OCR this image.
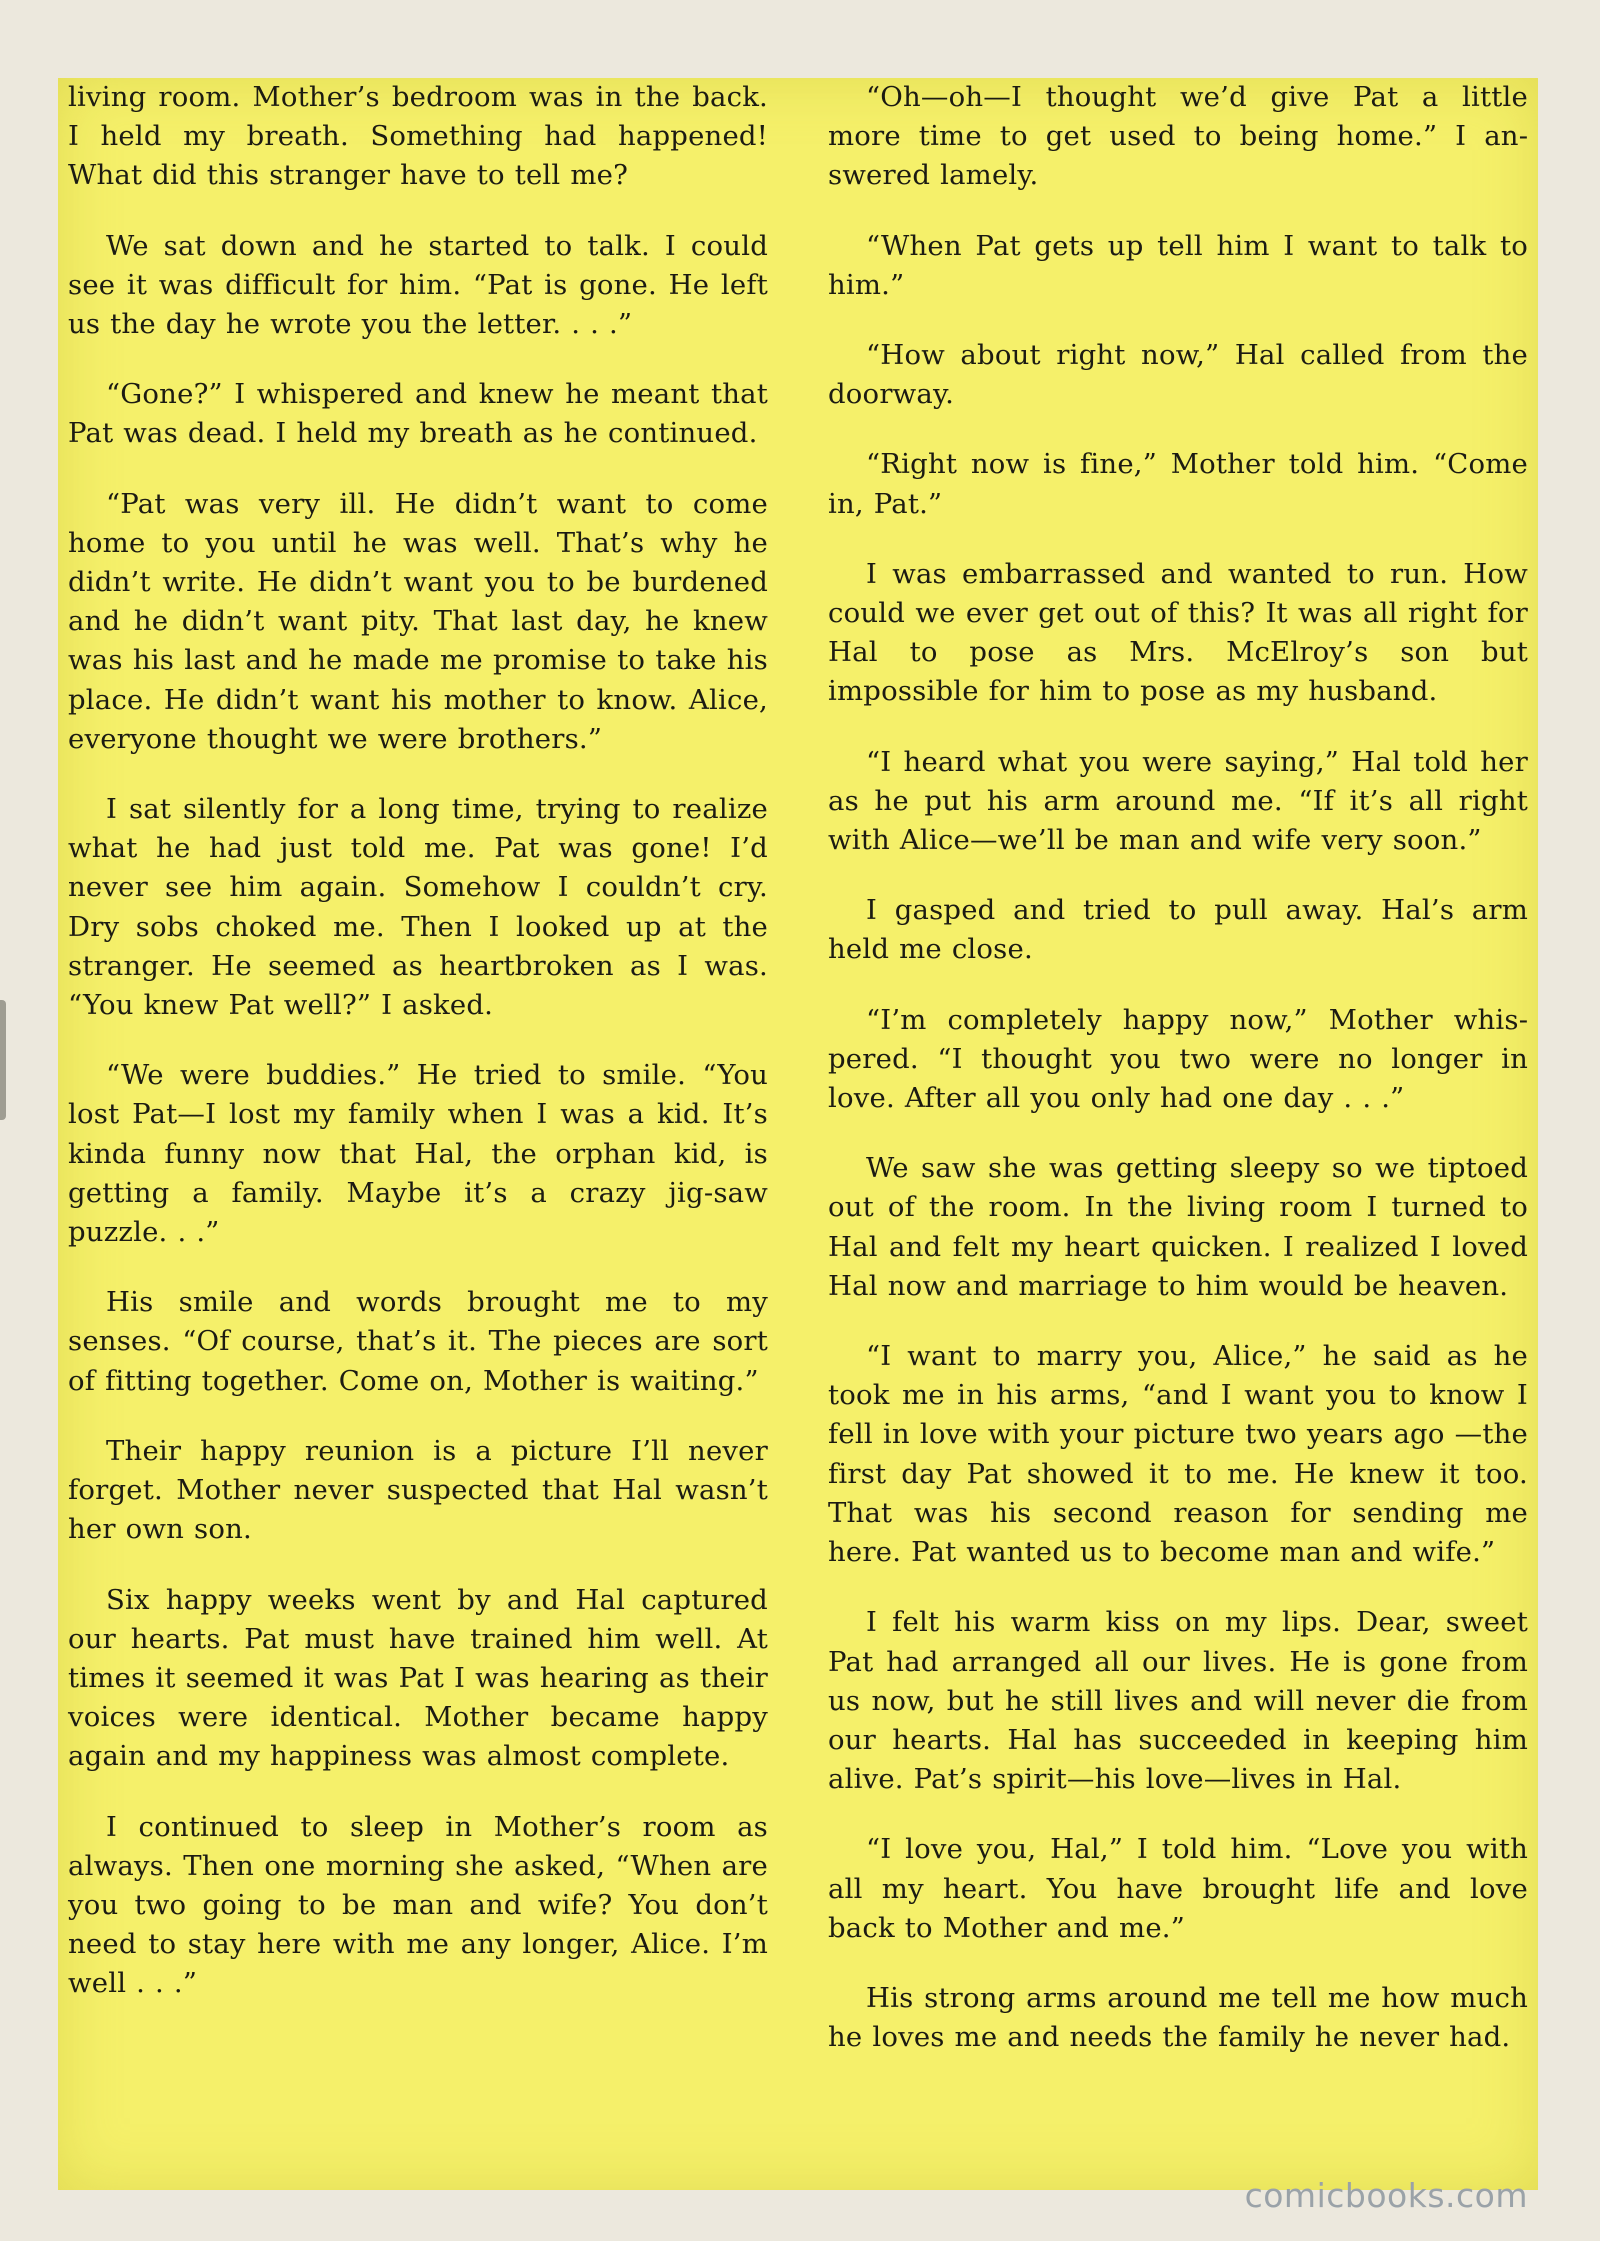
living room. Mother’s bedroom was in the back. I held my breath. Something had happened! What did this stranger have to tell me?

We sat down and he started to talk. I could see it was difficult for him. “Pat is gone. He left us the day he wrote you the letter. . . .”

“Gone?” I whispered and knew he meant that Pat was dead. I held my breath as he continued.

“Pat was very ill. He didn’t want to come home to you until he was well. That’s why he didn’t write. He didn’t want you to be burdened and he didn’t want pity. That last day, he knew was his last and he made me promise to take his place. He didn’t want his mother to know. Alice, everyone thought we were brothers.”

I sat silently for a long time, trying to realize what he had just told me. Pat was gone! I’d never see him again. Somehow I couldn’t cry. Dry sobs choked me. Then I looked up at the stranger. He seemed as heartbroken as I was. “You knew Pat well?” I asked.

“We were buddies.” He tried to smile. “You lost Pat—I lost my family when I was a kid. It’s kinda funny now that Hal, the orphan kid, is getting a family. Maybe it’s a crazy jig-saw puzzle. . .”

His smile and words brought me to my senses. “Of course, that’s it. The pieces are sort of fitting together. Come on, Mother is waiting.”

Their happy reunion is a picture I’ll never forget. Mother never suspected that Hal wasn’t her own son.

Six happy weeks went by and Hal captured our hearts. Pat must have trained him well. At times it seemed it was Pat I was hearing as their voices were identical. Mother became happy again and my happiness was almost complete.

I continued to sleep in Mother’s room as always. Then one morning she asked, “When are you two going to be man and wife? You don’t need to stay here with me any longer, Alice. I’m well . . .”

“Oh—oh—I thought we’d give Pat a little more time to get used to being home.” I answered lamely.

“When Pat gets up tell him I want to talk to him.”

“How about right now,” Hal called from the doorway.

“Right now is fine,” Mother told him. “Come in, Pat.”

I was embarrassed and wanted to run. How could we ever get out of this? It was all right for Hal to pose as Mrs. McElroy’s son but impossible for him to pose as my husband.

“I heard what you were saying,” Hal told her as he put his arm around me. “If it’s all right with Alice—we’ll be man and wife very soon.”

I gasped and tried to pull away. Hal’s arm held me close.

“I’m completely happy now,” Mother whispered. “I thought you two were no longer in love. After all you only had one day . . .”

We saw she was getting sleepy so we tiptoed out of the room. In the living room I turned to Hal and felt my heart quicken. I realized I loved Hal now and marriage to him would be heaven.

“I want to marry you, Alice,” he said as he took me in his arms, “and I want you to know I fell in love with your picture two years ago —the first day Pat showed it to me. He knew it too. That was his second reason for sending me here. Pat wanted us to become man and wife.”

I felt his warm kiss on my lips. Dear, sweet Pat had arranged all our lives. He is gone from us now, but he still lives and will never die from our hearts. Hal has succeeded in keeping him alive. Pat’s spirit—his love—lives in Hal.

“I love you, Hal,” I told him. “Love you with all my heart. You have brought life and love back to Mother and me.”

His strong arms around me tell me how much he loves me and needs the family he never had.

comicbooks.com
